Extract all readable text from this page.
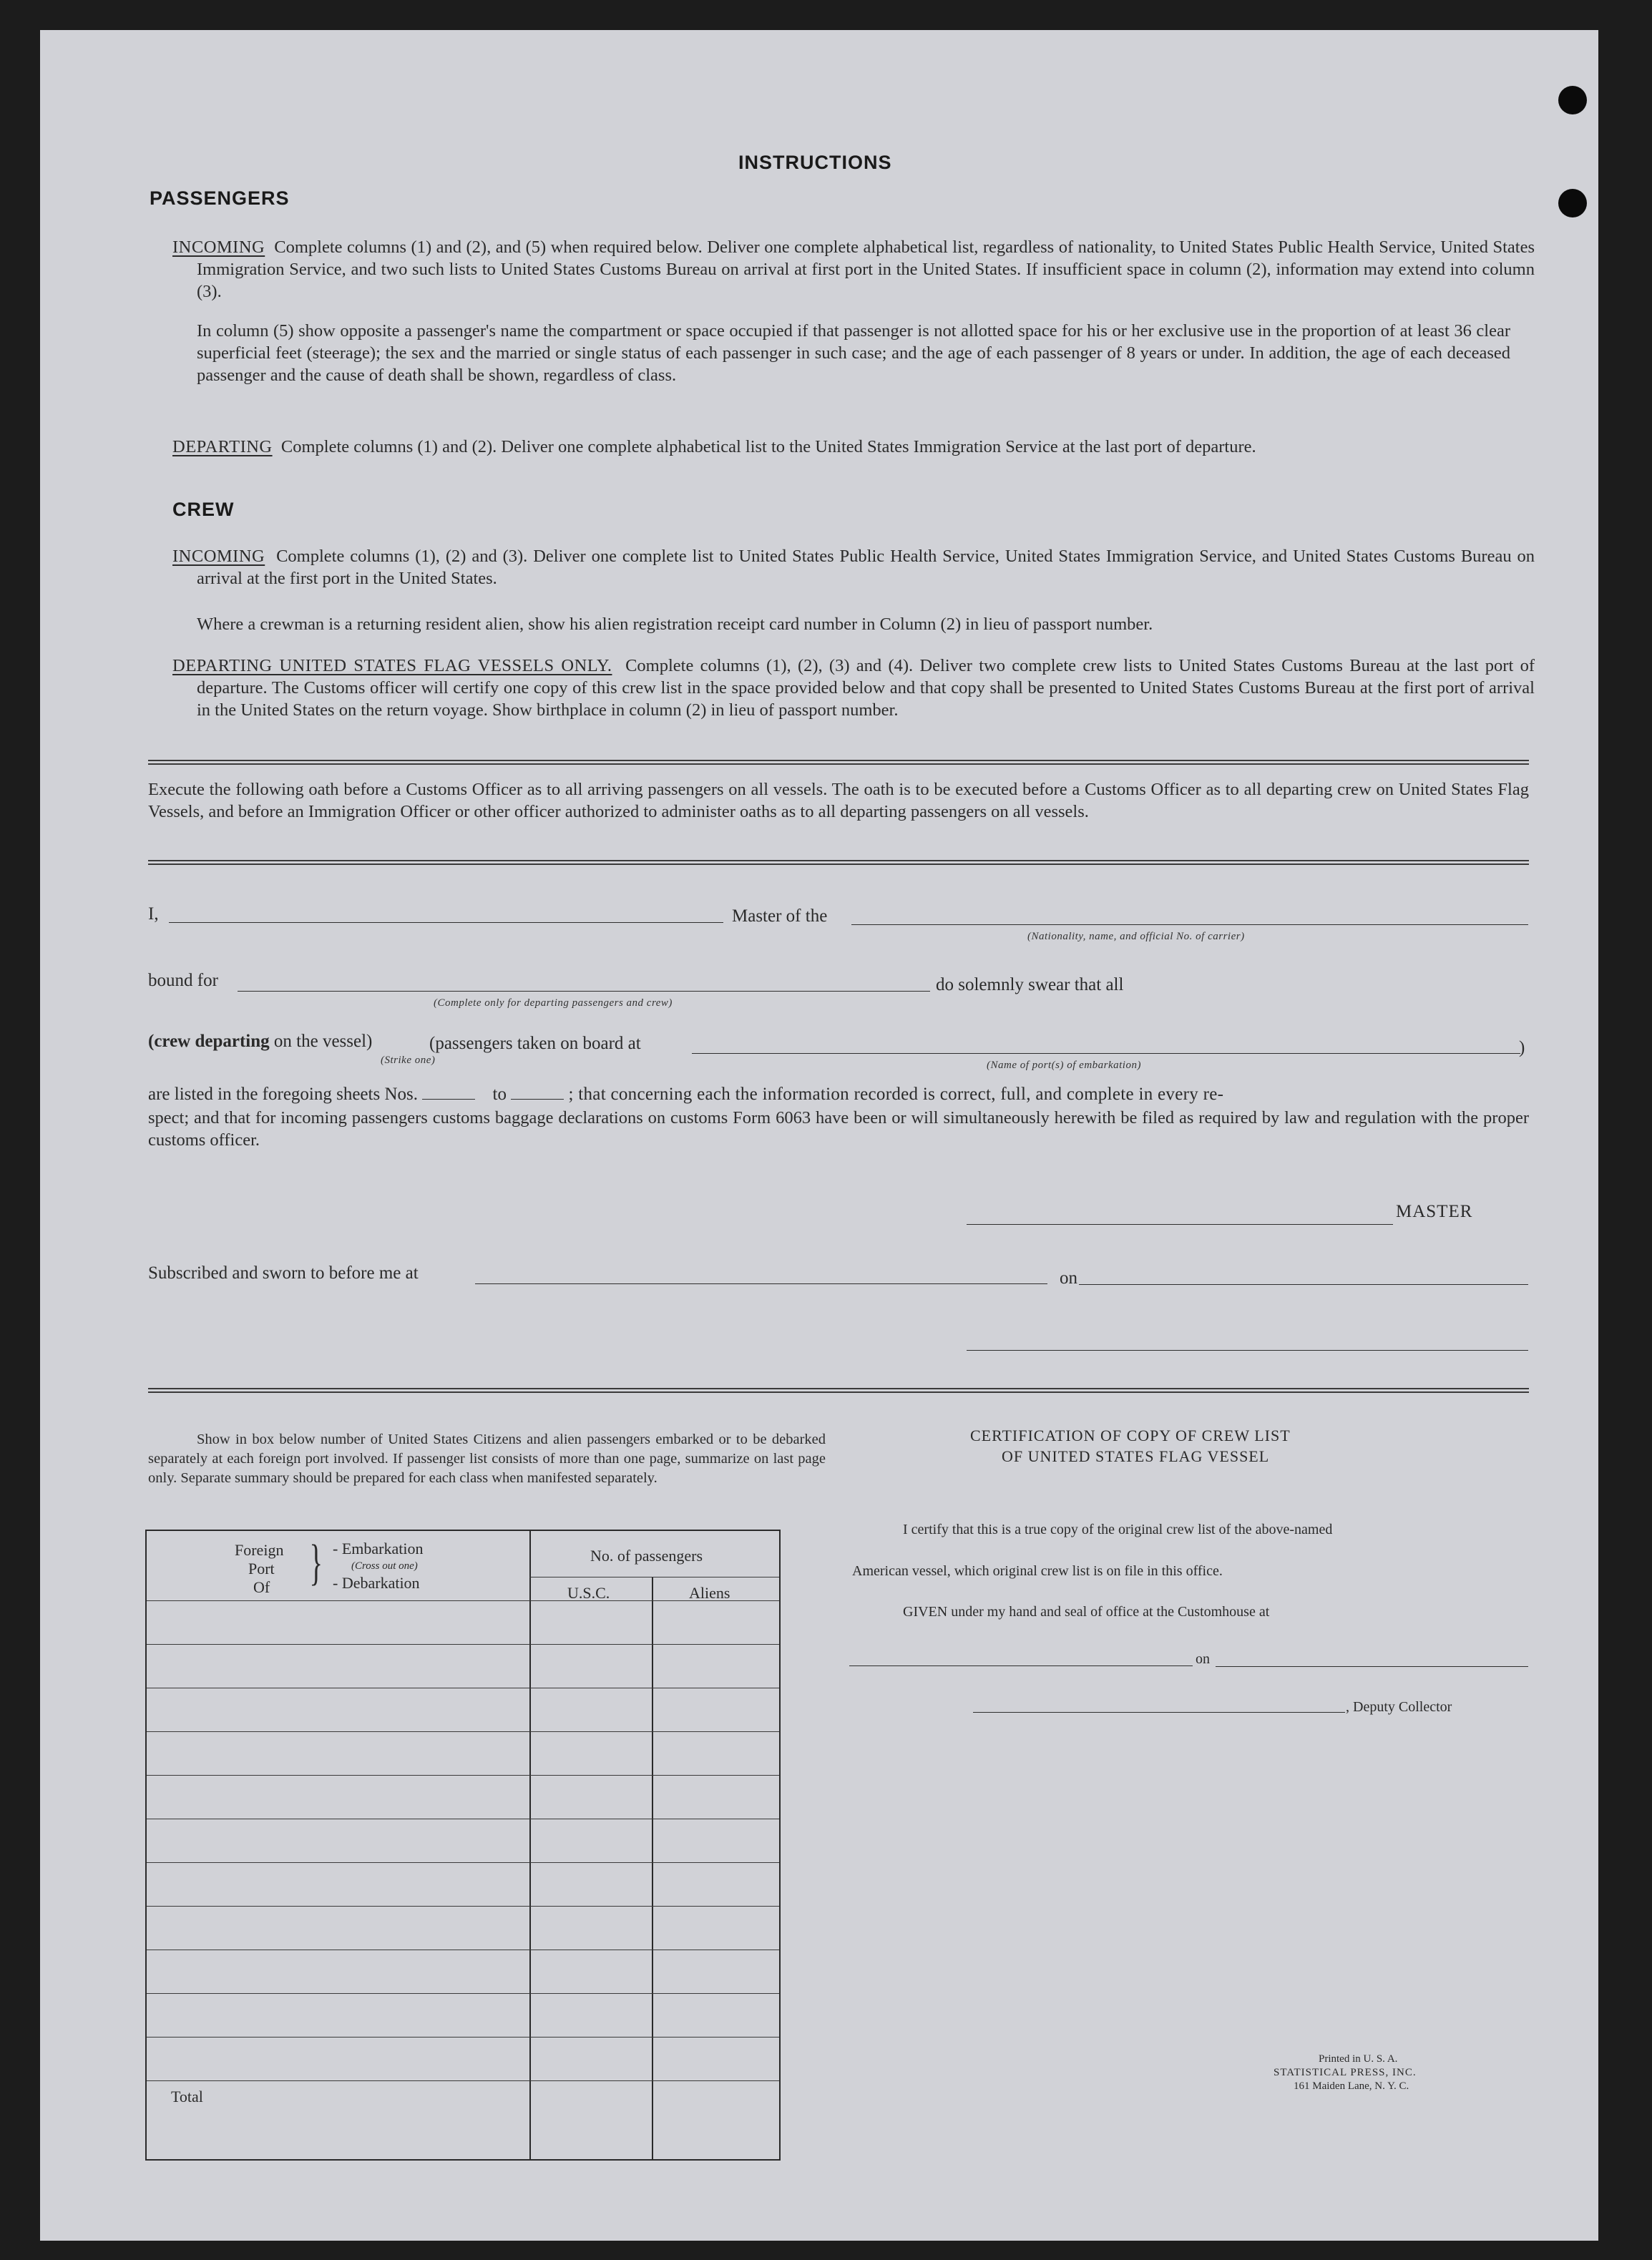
INSTRUCTIONS
PASSENGERS
INCOMING Complete columns (1) and (2), and (5) when required below. Deliver one complete alphabetical list, regardless of nationality, to United States Public Health Service, United States Immigration Service, and two such lists to United States Customs Bureau on arrival at first port in the United States. If insufficient space in column (2), information may extend into column (3).
In column (5) show opposite a passenger's name the compartment or space occupied if that passenger is not allotted space for his or her exclusive use in the proportion of at least 36 clear superficial feet (steerage); the sex and the married or single status of each passenger in such case; and the age of each passenger of 8 years or under. In addition, the age of each deceased passenger and the cause of death shall be shown, regardless of class.
DEPARTING Complete columns (1) and (2). Deliver one complete alphabetical list to the United States Immigration Service at the last port of departure.
CREW
INCOMING Complete columns (1), (2) and (3). Deliver one complete list to United States Public Health Service, United States Immigration Service, and United States Customs Bureau on arrival at the first port in the United States.
Where a crewman is a returning resident alien, show his alien registration receipt card number in Column (2) in lieu of passport number.
DEPARTING UNITED STATES FLAG VESSELS ONLY. Complete columns (1), (2), (3) and (4). Deliver two complete crew lists to United States Customs Bureau at the last port of departure. The Customs officer will certify one copy of this crew list in the space provided below and that copy shall be presented to United States Customs Bureau at the first port of arrival in the United States on the return voyage. Show birthplace in column (2) in lieu of passport number.
Execute the following oath before a Customs Officer as to all arriving passengers on all vessels. The oath is to be executed before a Customs Officer as to all departing crew on United States Flag Vessels, and before an Immigration Officer or other officer authorized to administer oaths as to all departing passengers on all vessels.
I,	Master of the
(Nationality, name, and official No. of carrier)
bound for
(Complete only for departing passengers and crew)
do solemnly swear that all
(crew departing on the vessel)
(Strike one)
(passengers taken on board at	)
(Name of port(s) of embarkation)
are listed in the foregoing sheets Nos.	to	; that concerning each the information recorded is correct, full, and complete in every re-
spect; and that for incoming passengers customs baggage declarations on customs Form 6063 have been or will simultaneously herewith be filed as required by law and regulation with the proper customs officer.
MASTER
Subscribed and sworn to before me at	on
Show in box below number of United States Citizens and alien passengers embarked or to be debarked separately at each foreign port involved. If passenger list consists of more than one page, summarize on last page only. Separate summary should be prepared for each class when manifested separately.
Foreign
Port
Of } - Embarkation
(Cross out one)
- Debarkation
No. of passengers
U.S.C.	Aliens
Total
CERTIFICATION OF COPY OF CREW LIST
OF UNITED STATES FLAG VESSEL
I certify that this is a true copy of the original crew list of the above-named
American vessel, which original crew list is on file in this office.
GIVEN under my hand and seal of office at the Customhouse at
on
, Deputy Collector
Printed in U. S. A.
STATISTICAL PRESS, INC.
161 Maiden Lane, N. Y. C.
